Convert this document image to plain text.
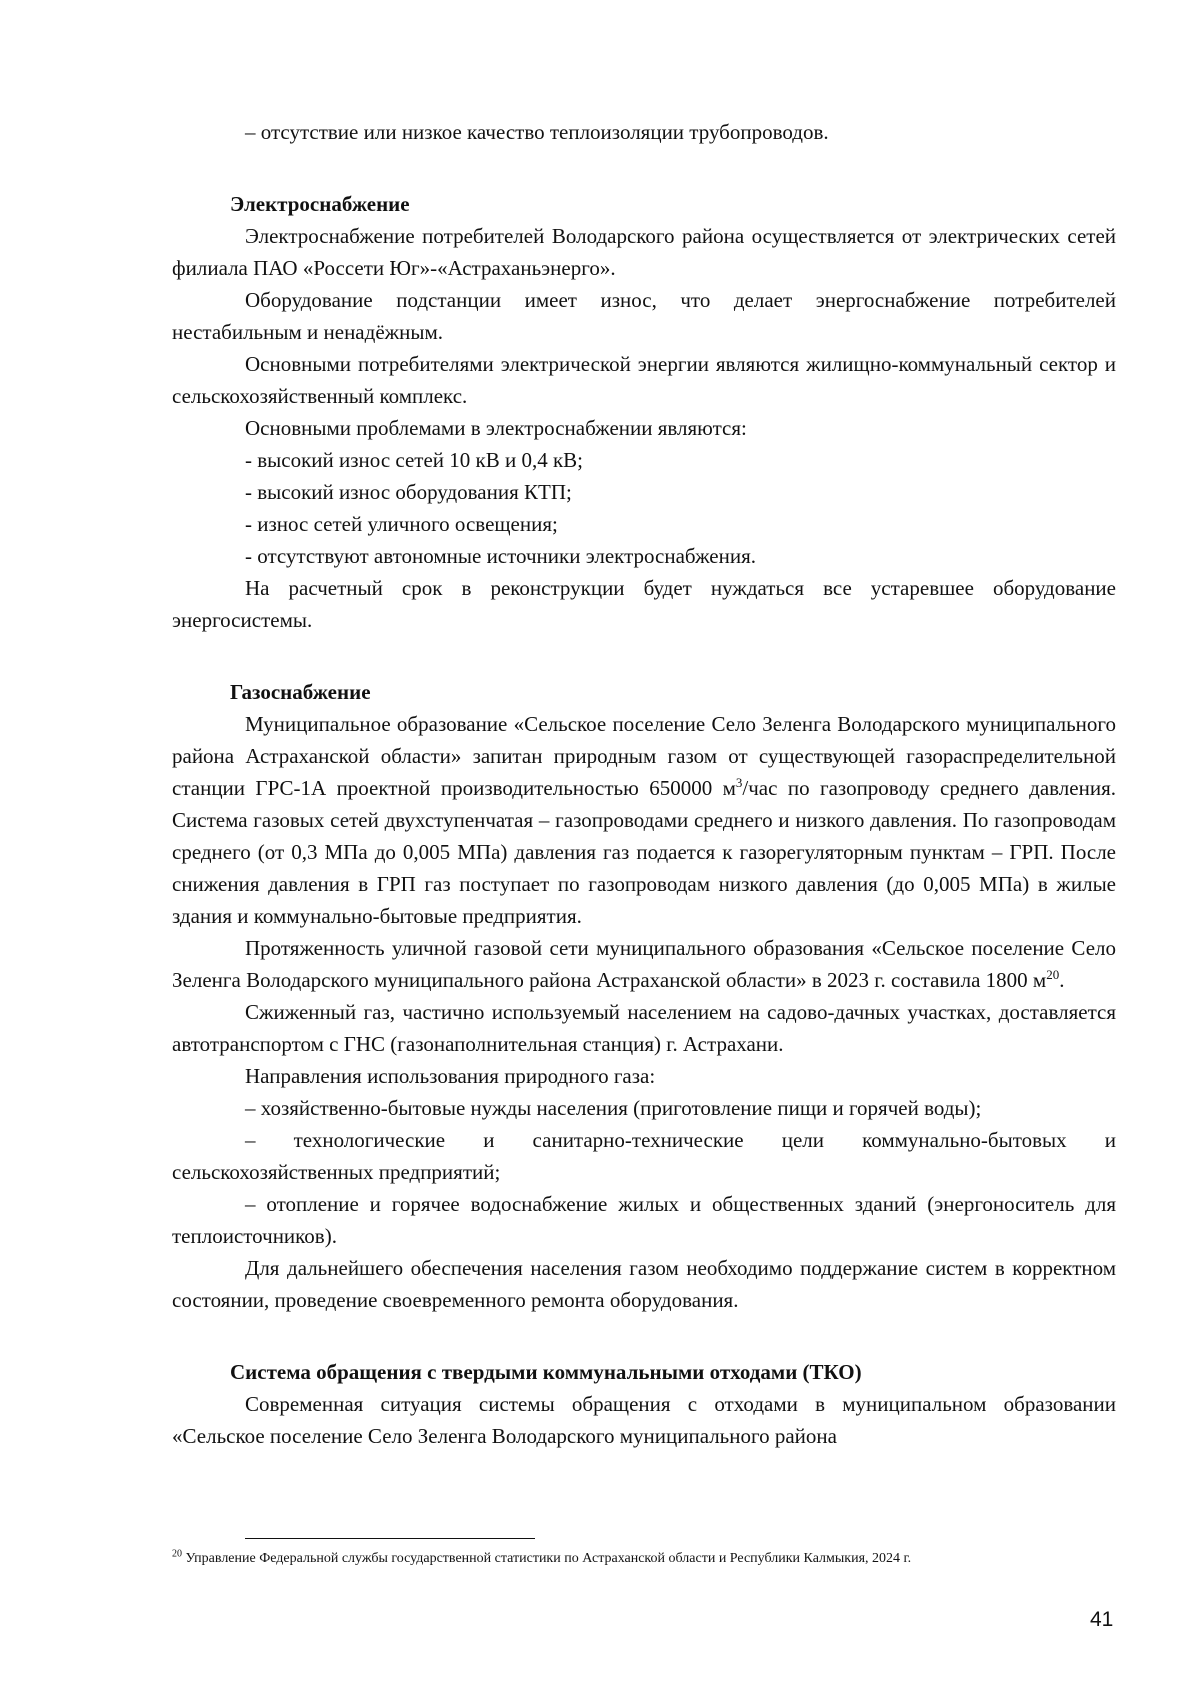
– отсутствие или низкое качество теплоизоляции трубопроводов.
Электроснабжение

Электроснабжение потребителей Володарского района осуществляется от электрических сетей филиала ПАО «Россети Юг»-«Астраханьэнерго».

Оборудование подстанции имеет износ, что делает энергоснабжение потребителей нестабильным и ненадёжным.

Основными потребителями электрической энергии являются жилищно-коммунальный сектор и сельскохозяйственный комплекс.

Основными проблемами в электроснабжении являются:

- высокий износ сетей 10 кВ и 0,4 кВ;
- высокий износ оборудования КТП;
- износ сетей уличного освещения;
- отсутствуют автономные источники электроснабжения.

На расчетный срок в реконструкции будет нуждаться все устаревшее оборудование энергосистемы.

Газоснабжение

Муниципальное образование «Сельское поселение Село Зеленга Володарского муниципального района Астраханской области» запитан природным газом от существующей газораспределительной станции ГРС-1А проектной производительностью 650000 $м^3$/час по газопроводу среднего давления. Система газовых сетей двухступенчатая – газопроводами среднего и низкого давления. По газопроводам среднего (от 0,3 МПа до 0,005 МПа) давления газ подается к газорегуляторным пунктам – ГРП. После снижения давления в ГРП газ поступает по газопроводам низкого давления (до 0,005 МПа) в жилые здания и коммунально-бытовые предприятия.

Протяженность уличной газовой сети муниципального образования «Сельское поселение Село Зеленга Володарского муниципального района Астраханской области» в 2023 г. составила 1800 $м^{20}$.

Сжиженный газ, частично используемый населением на садово-дачных участках, доставляется автотранспортом с ГНС (газонаполнительная станция) г. Астрахани.

Направления использования природного газа:

– хозяйственно-бытовые нужды населения (приготовление пищи и горячей воды);

– технологические и санитарно-технические цели коммунально-бытовых и сельскохозяйственных предприятий;

– отопление и горячее водоснабжение жилых и общественных зданий (энергоноситель для теплоисточников).

Для дальнейшего обеспечения населения газом необходимо поддержание систем в корректном состоянии, проведение своевременного ремонта оборудования.

Система обращения с твердыми коммунальными отходами (ТКО)

Современная ситуация системы обращения с отходами в муниципальном образовании «Сельское поселение Село Зеленга Володарского муниципального района

$^{20}$ Управление Федеральной службы государственной статистики по Астраханской области и Республики Калмыкия, 2024 г.
41
